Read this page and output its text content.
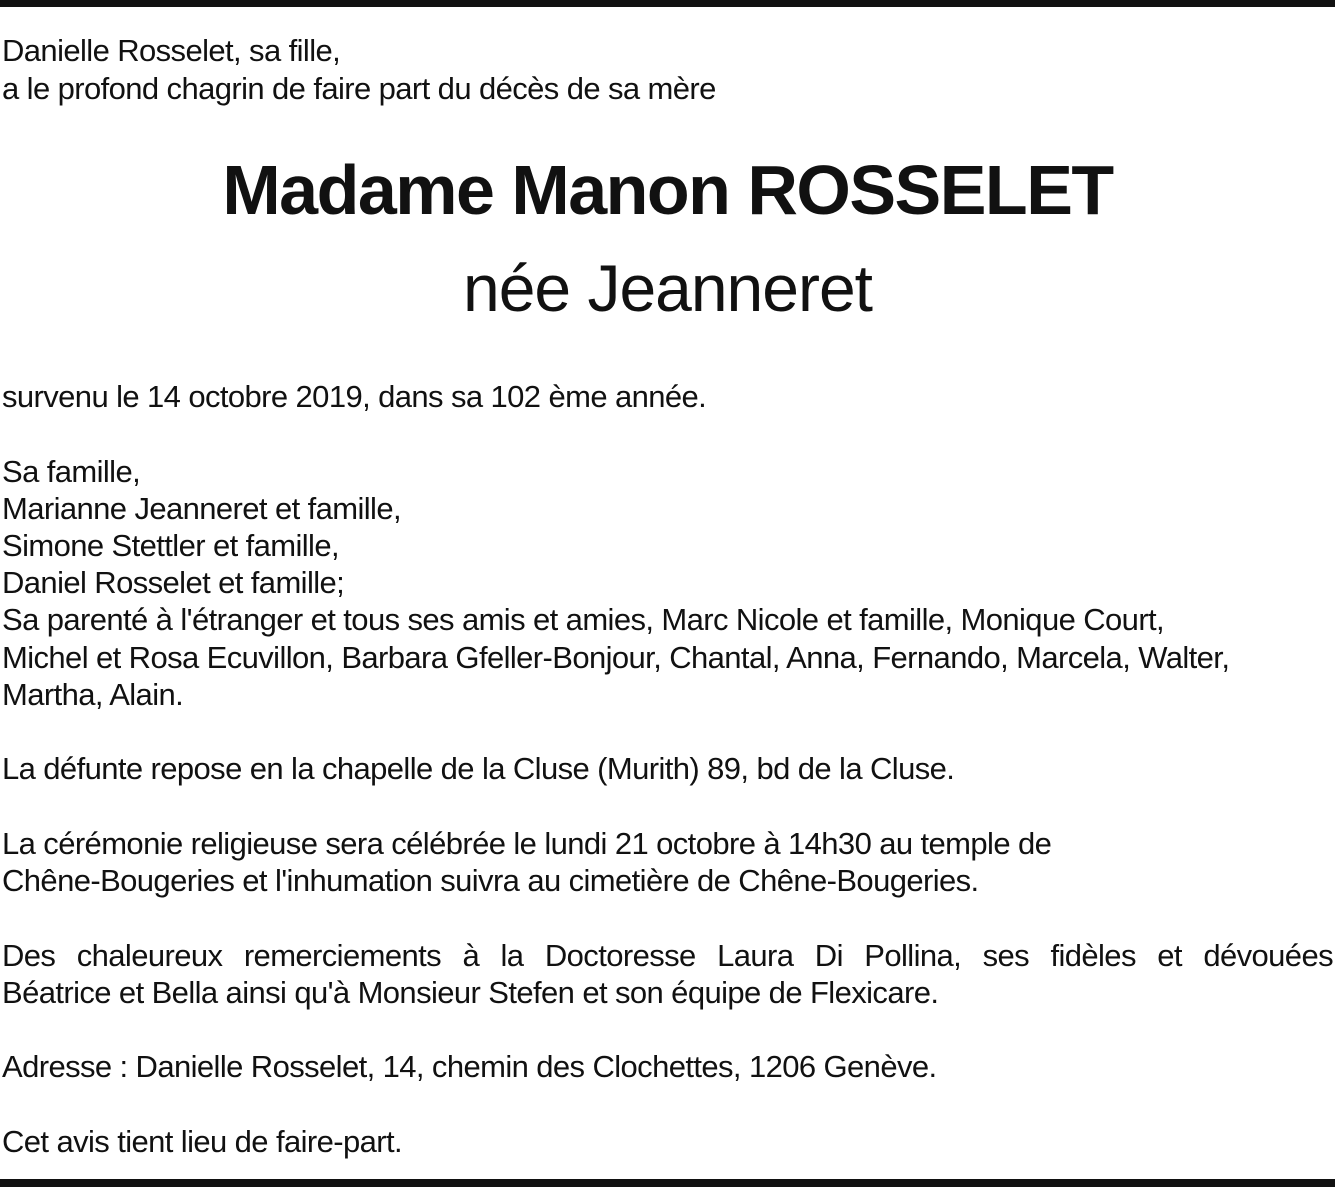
Danielle Rosselet, sa fille,
a le profond chagrin de faire part du décès de sa mère
Madame Manon ROSSELET
née Jeanneret
survenu le 14 octobre 2019, dans sa 102 ème année.
Sa famille,
Marianne Jeanneret et famille,
Simone Stettler et famille,
Daniel Rosselet et famille;
Sa parenté à l'étranger et tous ses amis et amies, Marc Nicole et famille, Monique Court,
Michel et Rosa Ecuvillon, Barbara Gfeller-Bonjour, Chantal, Anna, Fernando, Marcela, Walter,
Martha, Alain.
La défunte repose en la chapelle de la Cluse (Murith) 89, bd de la Cluse.
La cérémonie religieuse sera célébrée le lundi 21 octobre à 14h30 au temple de
Chêne-Bougeries et l'inhumation suivra au cimetière de Chêne-Bougeries.
Des chaleureux remerciements à la Doctoresse Laura Di Pollina, ses fidèles et dévouées
Béatrice et Bella ainsi qu'à Monsieur Stefen et son équipe de Flexicare.
Adresse : Danielle Rosselet, 14, chemin des Clochettes, 1206 Genève.
Cet avis tient lieu de faire-part.
